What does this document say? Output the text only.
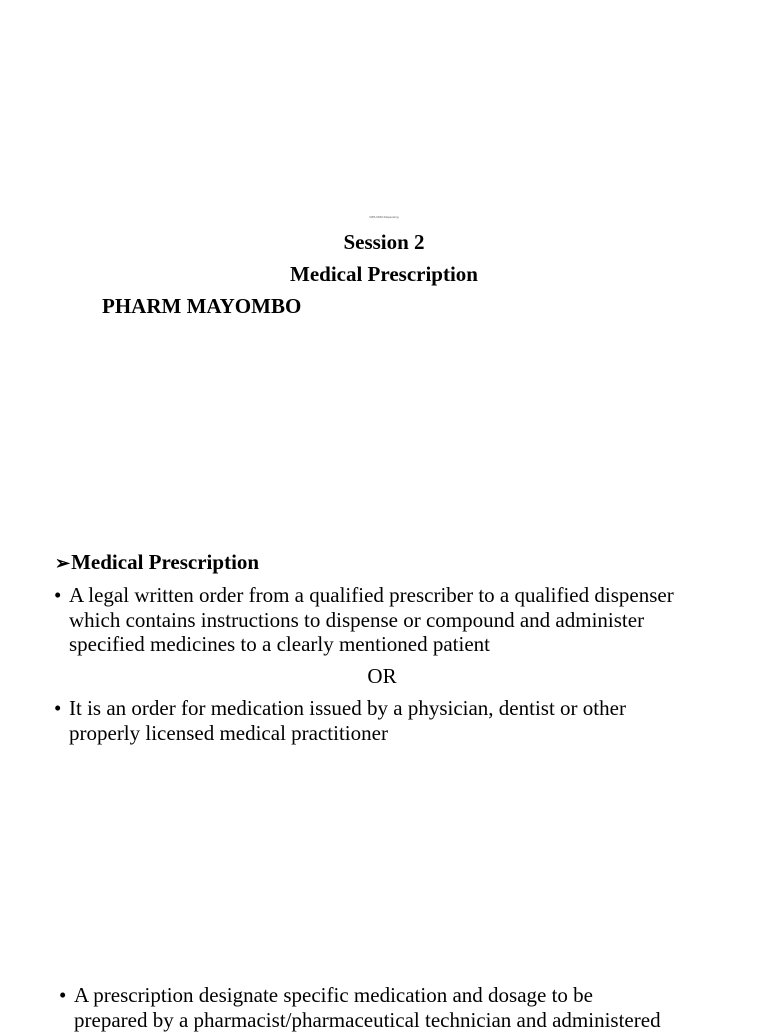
DIPLOMA Dispensing
Session 2
Medical Prescription
PHARM MAYOMBO
➢Medical Prescription
• A legal written order from a qualified prescriber to a qualified dispenser which contains instructions to dispense or compound and administer specified medicines to a clearly mentioned patient
OR
• It is an order for medication issued by a physician, dentist or other properly licensed medical practitioner
• A prescription designate specific medication and dosage to be
prepared by a pharmacist/pharmaceutical technician and administered
